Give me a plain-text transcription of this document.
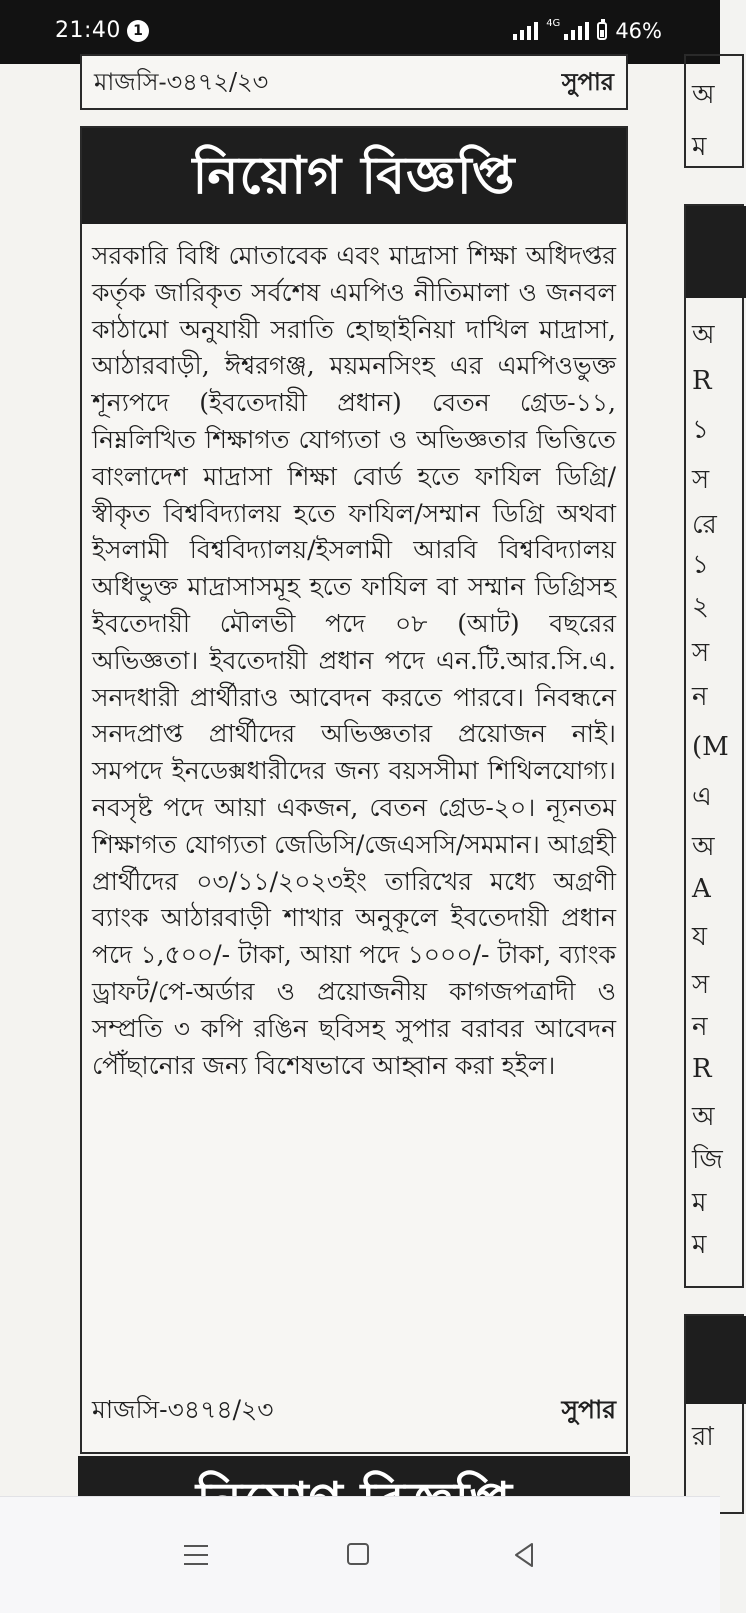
21:40 1	4G	46%
মাজসি-৩৪৭২/২৩	সুপার
নিয়োগ বিজ্ঞপ্তি
সরকারি বিধি মোতাবেক এবং মাদ্রাসা শিক্ষা অধিদপ্তর কর্তৃক জারিকৃত সর্বশেষ এমপিও নীতিমালা ও জনবল কাঠামো অনুযায়ী সরাতি হোছাইনিয়া দাখিল মাদ্রাসা, আঠারবাড়ী, ঈশ্বরগঞ্জ, ময়মনসিংহ এর এমপিওভুক্ত শূন্যপদে (ইবতেদায়ী প্রধান) বেতন গ্রেড-১১, নিম্নলিখিত শিক্ষাগত যোগ্যতা ও অভিজ্ঞতার ভিত্তিতে বাংলাদেশ মাদ্রাসা শিক্ষা বোর্ড হতে ফাযিল ডিগ্রি/স্বীকৃত বিশ্ববিদ্যালয় হতে ফাযিল/সম্মান ডিগ্রি অথবা ইসলামী বিশ্ববিদ্যালয়/ইসলামী আরবি বিশ্ববিদ্যালয় অধিভুক্ত মাদ্রাসাসমূহ হতে ফাযিল বা সম্মান ডিগ্রিসহ ইবতেদায়ী মৌলভী পদে ০৮ (আট) বছরের অভিজ্ঞতা। ইবতেদায়ী প্রধান পদে এন.টি.আর.সি.এ. সনদধারী প্রার্থীরাও আবেদন করতে পারবে। নিবন্ধনে সনদপ্রাপ্ত প্রার্থীদের অভিজ্ঞতার প্রয়োজন নাই। সমপদে ইনডেক্সধারীদের জন্য বয়সসীমা শিথিলযোগ্য। নবসৃষ্ট পদে আয়া একজন, বেতন গ্রেড-২০। ন্যূনতম শিক্ষাগত যোগ্যতা জেডিসি/জেএসসি/সমমান। আগ্রহী প্রার্থীদের ০৩/১১/২০২৩ইং তারিখের মধ্যে অগ্রণী ব্যাংক আঠারবাড়ী শাখার অনুকূলে ইবতেদায়ী প্রধান পদে ১,৫০০/- টাকা, আয়া পদে ১০০০/- টাকা, ব্যাংক ড্রাফট/পে-অর্ডার ও প্রয়োজনীয় কাগজপত্রাদী ও সম্প্রতি ৩ কপি রঙিন ছবিসহ সুপার বরাবর আবেদন পৌঁছানোর জন্য বিশেষভাবে আহ্বান করা হইল।
মাজসি-৩৪৭৪/২৩	সুপার
অ
ম
অ
R
১
স
রে
১
২
স
ন
(M
এ
অ
A
য
স
ন
R
অ
জি
ম
ম
রা
